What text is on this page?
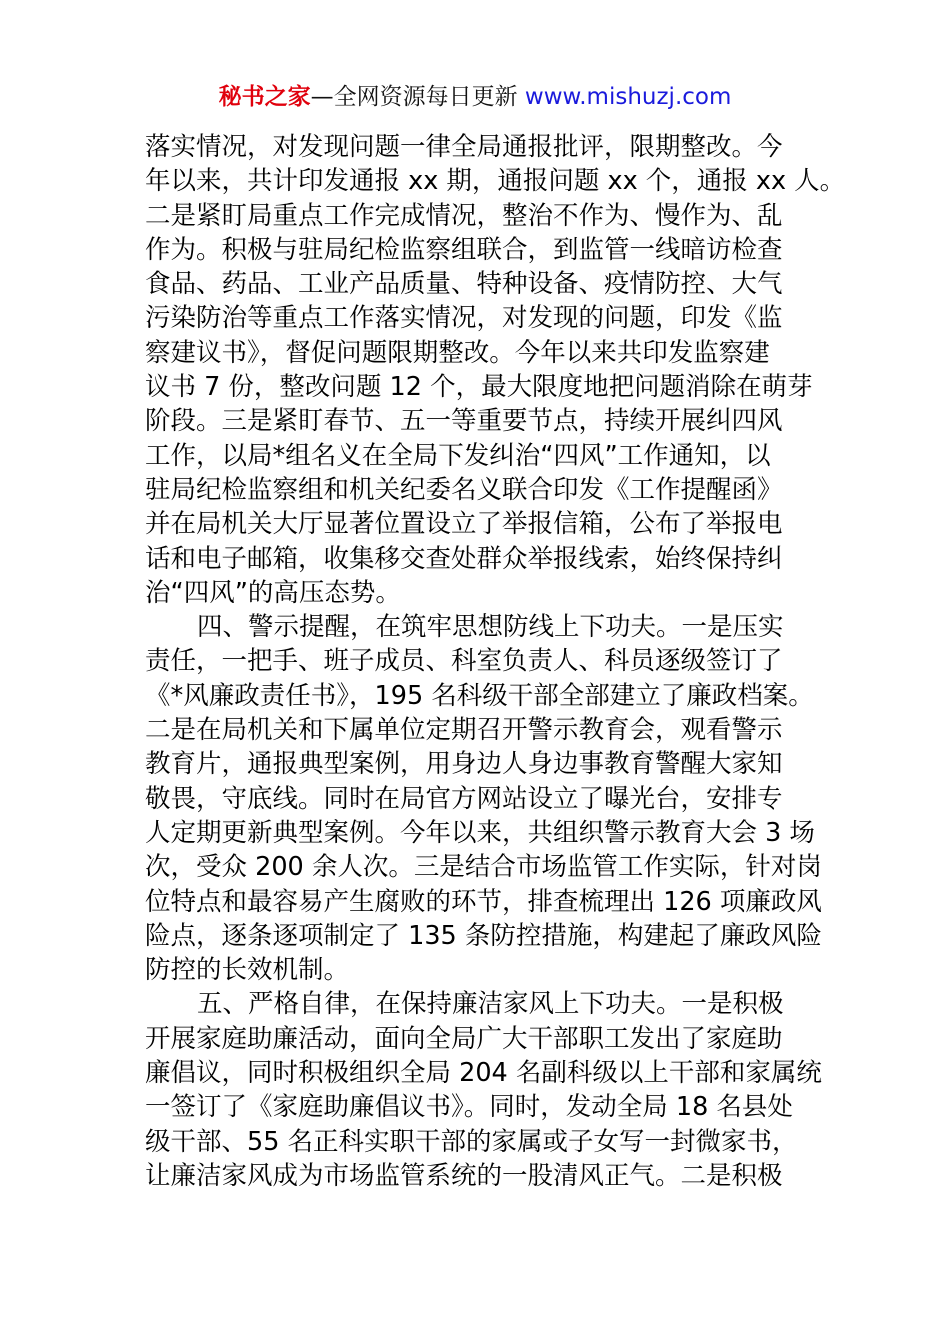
秘书之家—全网资源每日更新 www.mishuzj.com
落实情况，对发现问题一律全局通报批评，限期整改。今
年以来，共计印发通报 xx 期，通报问题 xx 个，通报 xx 人。
二是紧盯局重点工作完成情况，整治不作为、慢作为、乱
作为。积极与驻局纪检监察组联合，到监管一线暗访检查
食品、药品、工业产品质量、特种设备、疫情防控、大气
污染防治等重点工作落实情况，对发现的问题，印发《监
察建议书》，督促问题限期整改。今年以来共印发监察建
议书 7 份，整改问题 12 个，最大限度地把问题消除在萌芽
阶段。三是紧盯春节、五一等重要节点，持续开展纠四风
工作，以局*组名义在全局下发纠治“四风”工作通知，以
驻局纪检监察组和机关纪委名义联合印发《工作提醒函》
并在局机关大厅显著位置设立了举报信箱，公布了举报电
话和电子邮箱，收集移交查处群众举报线索，始终保持纠
治“四风”的高压态势。
四、警示提醒，在筑牢思想防线上下功夫。一是压实
责任，一把手、班子成员、科室负责人、科员逐级签订了
《*风廉政责任书》，195 名科级干部全部建立了廉政档案。
二是在局机关和下属单位定期召开警示教育会，观看警示
教育片，通报典型案例，用身边人身边事教育警醒大家知
敬畏，守底线。同时在局官方网站设立了曝光台，安排专
人定期更新典型案例。今年以来，共组织警示教育大会 3 场
次，受众 200 余人次。三是结合市场监管工作实际，针对岗
位特点和最容易产生腐败的环节，排查梳理出 126 项廉政风
险点，逐条逐项制定了 135 条防控措施，构建起了廉政风险
防控的长效机制。
五、严格自律，在保持廉洁家风上下功夫。一是积极
开展家庭助廉活动，面向全局广大干部职工发出了家庭助
廉倡议，同时积极组织全局 204 名副科级以上干部和家属统
一签订了《家庭助廉倡议书》。同时，发动全局 18 名县处
级干部、55 名正科实职干部的家属或子女写一封微家书，
让廉洁家风成为市场监管系统的一股清风正气。二是积极
